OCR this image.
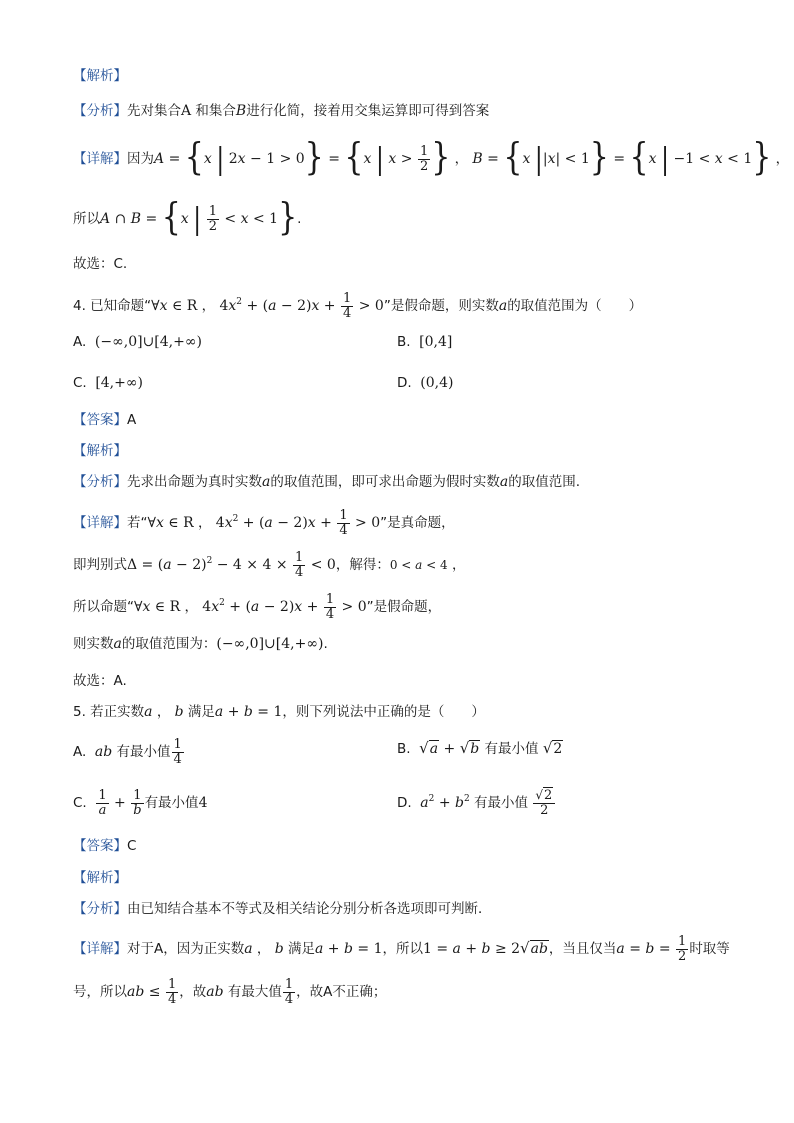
【解析】
【分析】先对集合A 和集合B进行化简，接着用交集运算即可得到答案
【详解】因为A = {x | 2x − 1 > 0} = {x | $x > \frac{1}{2}$ } ， B = {x ||x| < 1} = {x | −1 < x < 1} ，
所以A ∩ B = {x | $\frac{1}{2} < x < 1$}.
故选：C.
4. 已知命题“∀x ∈ R ， $4x^2 + (a - 2)x + \frac{1}{4} > 0$”是假命题，则实数a的取值范围为（　　）
A. (−∞,0]∪[4,+∞)	B. [0,4]
C. [4,+∞)	D. (0,4)
【答案】A
【解析】
【分析】先求出命题为真时实数a的取值范围，即可求出命题为假时实数a的取值范围.
【详解】若“∀x ∈ R ， $4x^2 + (a - 2)x + \frac{1}{4} > 0$”是真命题，
即判别式$\Delta = (a - 2)^2 - 4 \times 4 \times \frac{1}{4} < 0$，解得：0 < a < 4 ，
所以命题“∀x ∈ R ， $4x^2 + (a - 2)x + \frac{1}{4} > 0$”是假命题，
则实数a的取值范围为：(−∞,0]∪[4,+∞).
故选：A.
5. 若正实数a ， b 满足a + b = 1，则下列说法中正确的是（　　）
A. ab 有最小值 $\frac{1}{4}$	B. √a + √b 有最小值 √2
C. $\frac{1}{a} + \frac{1}{b}$ 有最小值4	D. $a^2 + b^2$ 有最小值 $\frac{√2}{2}$
【答案】C
【解析】
【分析】由已知结合基本不等式及相关结论分别分析各选项即可判断．
【详解】对于A，因为正实数a ， b 满足a + b = 1，所以1 = a + b ≥ 2√ab，当且仅当$a = b = \frac{1}{2}$ 时取等
号，所以ab ≤ $\frac{1}{4}$ ，故ab 有最大值 $\frac{1}{4}$ ，故A不正确；
